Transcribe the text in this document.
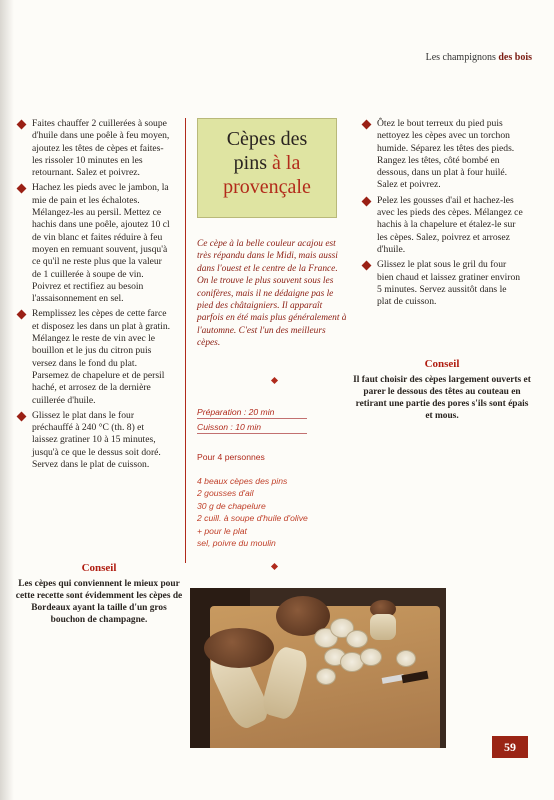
Les champignons des bois
Faites chauffer 2 cuillerées à soupe d'huile dans une poêle à feu moyen, ajoutez les têtes de cèpes et faites-les rissoler 10 minutes en les retournant. Salez et poivrez.
Hachez les pieds avec le jambon, la mie de pain et les échalotes. Mélangez-les au persil. Mettez ce hachis dans une poêle, ajoutez 10 cl de vin blanc et faites réduire à feu moyen en remuant souvent, jusqu'à ce qu'il ne reste plus que la valeur de 1 cuillerée à soupe de vin. Poivrez et rectifiez au besoin l'assaisonnement en sel.
Remplissez les cèpes de cette farce et disposez les dans un plat à gratin. Mélangez le reste de vin avec le bouillon et le jus du citron puis versez dans le fond du plat. Parsemez de chapelure et de persil haché, et arrosez de la dernière cuillerée d'huile.
Glissez le plat dans le four préchauffé à 240 °C (th. 8) et laissez gratiner 10 à 15 minutes, jusqu'à ce que le dessus soit doré. Servez dans le plat de cuisson.
Conseil
Les cèpes qui conviennent le mieux pour cette recette sont évidemment les cèpes de Bordeaux ayant la taille d'un gros bouchon de champagne.
Cèpes des
pins à la
provençale
Ce cèpe à la belle couleur acajou est très répandu dans le Midi, mais aussi dans l'ouest et le centre de la France. On le trouve le plus souvent sous les conifères, mais il ne dédaigne pas le pied des châtaigniers. Il apparaît parfois en été mais plus généralement à l'automne. C'est l'un des meilleurs cèpes.
Préparation : 20 min
Cuisson : 10 min
Pour 4 personnes
4 beaux cèpes des pins
2 gousses d'ail
30 g de chapelure
2 cuill. à soupe d'huile d'olive
+ pour le plat
sel, poivre du moulin
Ôtez le bout terreux du pied puis nettoyez les cèpes avec un torchon humide. Séparez les têtes des pieds. Rangez les têtes, côté bombé en dessous, dans un plat à four huilé. Salez et poivrez.
Pelez les gousses d'ail et hachez-les avec les pieds des cèpes. Mélangez ce hachis à la chapelure et étalez-le sur les cèpes. Salez, poivrez et arrosez d'huile.
Glissez le plat sous le gril du four bien chaud et laissez gratiner environ 5 minutes. Servez aussitôt dans le plat de cuisson.
Conseil
Il faut choisir des cèpes largement ouverts et parer le dessous des têtes au couteau en retirant une partie des pores s'ils sont épais et mous.
59
